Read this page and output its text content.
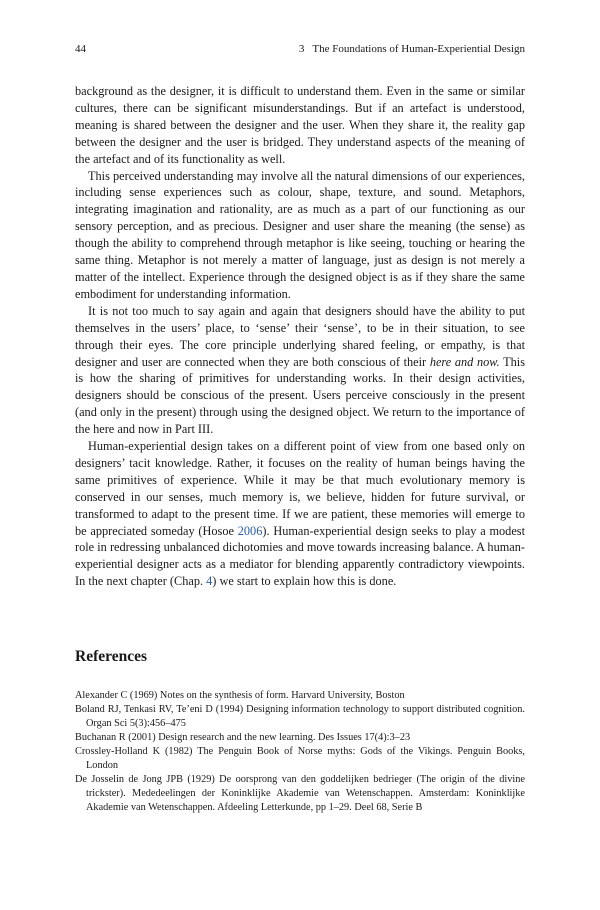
44	3   The Foundations of Human-Experiential Design

background as the designer, it is difficult to understand them. Even in the same or similar cultures, there can be significant misunderstandings. But if an artefact is understood, meaning is shared between the designer and the user. When they share it, the reality gap between the designer and the user is bridged. They understand aspects of the meaning of the artefact and of its functionality as well.

This perceived understanding may involve all the natural dimensions of our experiences, including sense experiences such as colour, shape, texture, and sound. Metaphors, integrating imagination and rationality, are as much as a part of our functioning as our sensory perception, and as precious. Designer and user share the meaning (the sense) as though the ability to comprehend through metaphor is like seeing, touching or hearing the same thing. Metaphor is not merely a matter of language, just as design is not merely a matter of the intellect. Experience through the designed object is as if they share the same embodiment for understanding information.

It is not too much to say again and again that designers should have the ability to put themselves in the users’ place, to ‘sense’ their ‘sense’, to be in their situation, to see through their eyes. The core principle underlying shared feeling, or empathy, is that designer and user are connected when they are both conscious of their here and now. This is how the sharing of primitives for understanding works. In their design activities, designers should be conscious of the present. Users perceive consciously in the present (and only in the present) through using the designed object. We return to the importance of the here and now in Part III.

Human-experiential design takes on a different point of view from one based only on designers’ tacit knowledge. Rather, it focuses on the reality of human beings having the same primitives of experience. While it may be that much evolutionary memory is conserved in our senses, much memory is, we believe, hidden for future survival, or transformed to adapt to the present time. If we are patient, these memories will emerge to be appreciated someday (Hosoe 2006). Human-experiential design seeks to play a modest role in redressing unbalanced dichotomies and move towards increasing balance. A human-experiential designer acts as a mediator for blending apparently contradictory viewpoints. In the next chapter (Chap. 4) we start to explain how this is done.

References

Alexander C (1969) Notes on the synthesis of form. Harvard University, Boston

Boland RJ, Tenkasi RV, Te’eni D (1994) Designing information technology to support distributed cognition. Organ Sci 5(3):456–475

Buchanan R (2001) Design research and the new learning. Des Issues 17(4):3–23

Crossley-Holland K (1982) The Penguin Book of Norse myths: Gods of the Vikings. Penguin Books, London

De Josselin de Jong JPB (1929) De oorsprong van den goddelijken bedrieger (The origin of the divine trickster). Mededeelingen der Koninklijke Akademie van Wetenschappen. Amsterdam: Koninklijke Akademie van Wetenschappen. Afdeeling Letterkunde, pp 1–29. Deel 68, Serie B
